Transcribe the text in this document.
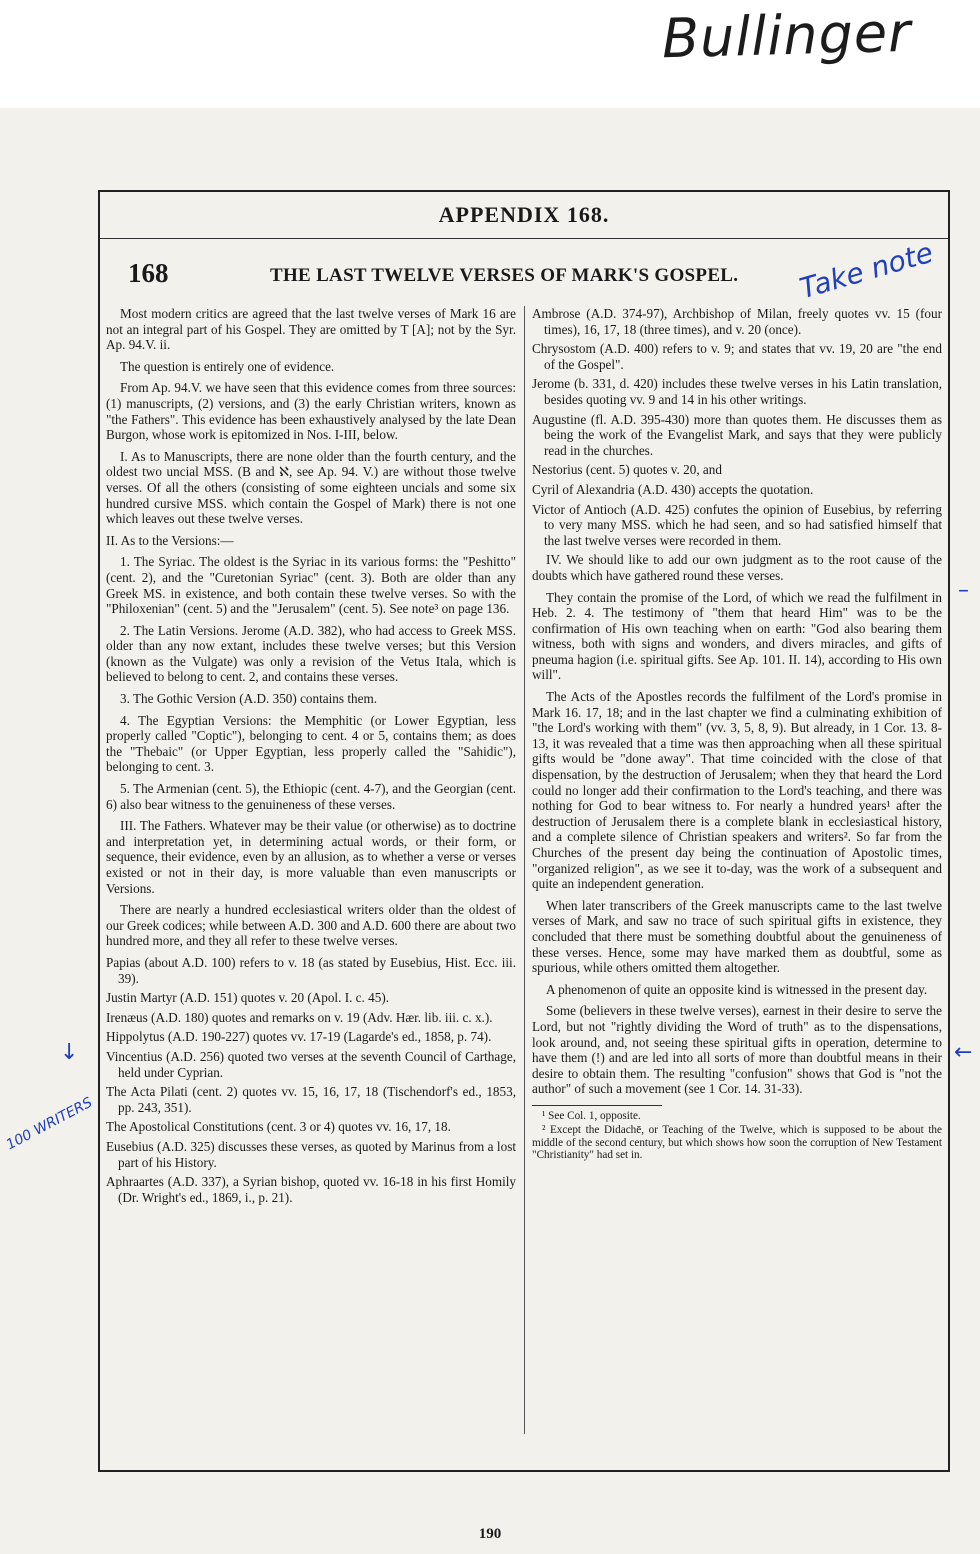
Bullinger
APPENDIX 168.
168	THE LAST TWELVE VERSES OF MARK'S GOSPEL. Take note

Most modern critics are agreed that the last twelve verses of Mark 16 are not an integral part of his Gospel. They are omitted by T [A]; not by the Syr. Ap. 94.V. ii.

The question is entirely one of evidence.

From Ap. 94.V. we have seen that this evidence comes from three sources: (1) manuscripts, (2) versions, and (3) the early Christian writers, known as "the Fathers". This evidence has been exhaustively analysed by the late Dean Burgon, whose work is epitomized in Nos. I-III, below.

I. As to Manuscripts, there are none older than the fourth century, and the oldest two uncial MSS. (B and ℵ, see Ap. 94. V.) are without those twelve verses. Of all the others (consisting of some eighteen uncials and some six hundred cursive MSS. which contain the Gospel of Mark) there is not one which leaves out these twelve verses.

II. As to the Versions:—

1. The Syriac. The oldest is the Syriac in its various forms: the "Peshitto" (cent. 2), and the "Curetonian Syriac" (cent. 3). Both are older than any Greek MS. in existence, and both contain these twelve verses. So with the "Philoxenian" (cent. 5) and the "Jerusalem" (cent. 5). See note³ on page 136.

2. The Latin Versions. Jerome (A.D. 382), who had access to Greek MSS. older than any now extant, includes these twelve verses; but this Version (known as the Vulgate) was only a revision of the Vetus Itala, which is believed to belong to cent. 2, and contains these verses.

3. The Gothic Version (A.D. 350) contains them.

4. The Egyptian Versions: the Memphitic (or Lower Egyptian, less properly called "Coptic"), belonging to cent. 4 or 5, contains them; as does the "Thebaic" (or Upper Egyptian, less properly called the "Sahidic"), belonging to cent. 3.

5. The Armenian (cent. 5), the Ethiopic (cent. 4-7), and the Georgian (cent. 6) also bear witness to the genuineness of these verses.

III. The Fathers. Whatever may be their value (or otherwise) as to doctrine and interpretation yet, in determining actual words, or their form, or sequence, their evidence, even by an allusion, as to whether a verse or verses existed or not in their day, is more valuable than even manuscripts or Versions.

There are nearly a hundred ecclesiastical writers older than the oldest of our Greek codices; while between A.D. 300 and A.D. 600 there are about two hundred more, and they all refer to these twelve verses.

Papias (about A.D. 100) refers to v. 18 (as stated by Eusebius, Hist. Ecc. iii. 39).
Justin Martyr (A.D. 151) quotes v. 20 (Apol. I. c. 45).
Irenæus (A.D. 180) quotes and remarks on v. 19 (Adv. Hær. lib. iii. c. x.).
Hippolytus (A.D. 190-227) quotes vv. 17-19 (Lagarde's ed., 1858, p. 74).
Vincentius (A.D. 256) quoted two verses at the seventh Council of Carthage, held under Cyprian.
The Acta Pilati (cent. 2) quotes vv. 15, 16, 17, 18 (Tischendorf's ed., 1853, pp. 243, 351).
The Apostolical Constitutions (cent. 3 or 4) quotes vv. 16, 17, 18.
Eusebius (A.D. 325) discusses these verses, as quoted by Marinus from a lost part of his History.
Aphraartes (A.D. 337), a Syrian bishop, quoted vv. 16-18 in his first Homily (Dr. Wright's ed., 1869, i., p. 21).
Ambrose (A.D. 374-97), Archbishop of Milan, freely quotes vv. 15 (four times), 16, 17, 18 (three times), and v. 20 (once).
Chrysostom (A.D. 400) refers to v. 9; and states that vv. 19, 20 are "the end of the Gospel".
Jerome (b. 331, d. 420) includes these twelve verses in his Latin translation, besides quoting vv. 9 and 14 in his other writings.
Augustine (fl. A.D. 395-430) more than quotes them. He discusses them as being the work of the Evangelist Mark, and says that they were publicly read in the churches.
Nestorius (cent. 5) quotes v. 20, and
Cyril of Alexandria (A.D. 430) accepts the quotation.
Victor of Antioch (A.D. 425) confutes the opinion of Eusebius, by referring to very many MSS. which he had seen, and so had satisfied himself that the last twelve verses were recorded in them.

IV. We should like to add our own judgment as to the root cause of the doubts which have gathered round these verses.

They contain the promise of the Lord, of which we read the fulfilment in Heb. 2. 4. The testimony of "them that heard Him" was to be the confirmation of His own teaching when on earth: "God also bearing them witness, both with signs and wonders, and divers miracles, and gifts of pneuma hagion (i.e. spiritual gifts. See Ap. 101. II. 14), according to His own will".

The Acts of the Apostles records the fulfilment of the Lord's promise in Mark 16. 17, 18; and in the last chapter we find a culminating exhibition of "the Lord's working with them" (vv. 3, 5, 8, 9). But already, in 1 Cor. 13. 8-13, it was revealed that a time was then approaching when all these spiritual gifts would be "done away". That time coincided with the close of that dispensation, by the destruction of Jerusalem; when they that heard the Lord could no longer add their confirmation to the Lord's teaching, and there was nothing for God to bear witness to. For nearly a hundred years¹ after the destruction of Jerusalem there is a complete blank in ecclesiastical history, and a complete silence of Christian speakers and writers². So far from the Churches of the present day being the continuation of Apostolic times, "organized religion", as we see it to-day, was the work of a subsequent and quite an independent generation.

When later transcribers of the Greek manuscripts came to the last twelve verses of Mark, and saw no trace of such spiritual gifts in existence, they concluded that there must be something doubtful about the genuineness of these verses. Hence, some may have marked them as doubtful, some as spurious, while others omitted them altogether.

A phenomenon of quite an opposite kind is witnessed in the present day.

Some (believers in these twelve verses), earnest in their desire to serve the Lord, but not "rightly dividing the Word of truth" as to the dispensations, look around, and, not seeing these spiritual gifts in operation, determine to have them (!) and are led into all sorts of more than doubtful means in their desire to obtain them. The resulting "confusion" shows that God is "not the author" of such a movement (see 1 Cor. 14. 31-33).

¹ See Col. 1, opposite.
² Except the Didachē, or Teaching of the Twelve, which is supposed to be about the middle of the second century, but which shows how soon the corruption of New Testament "Christianity" had set in.
100 WRITERS
↓	←
–
190
